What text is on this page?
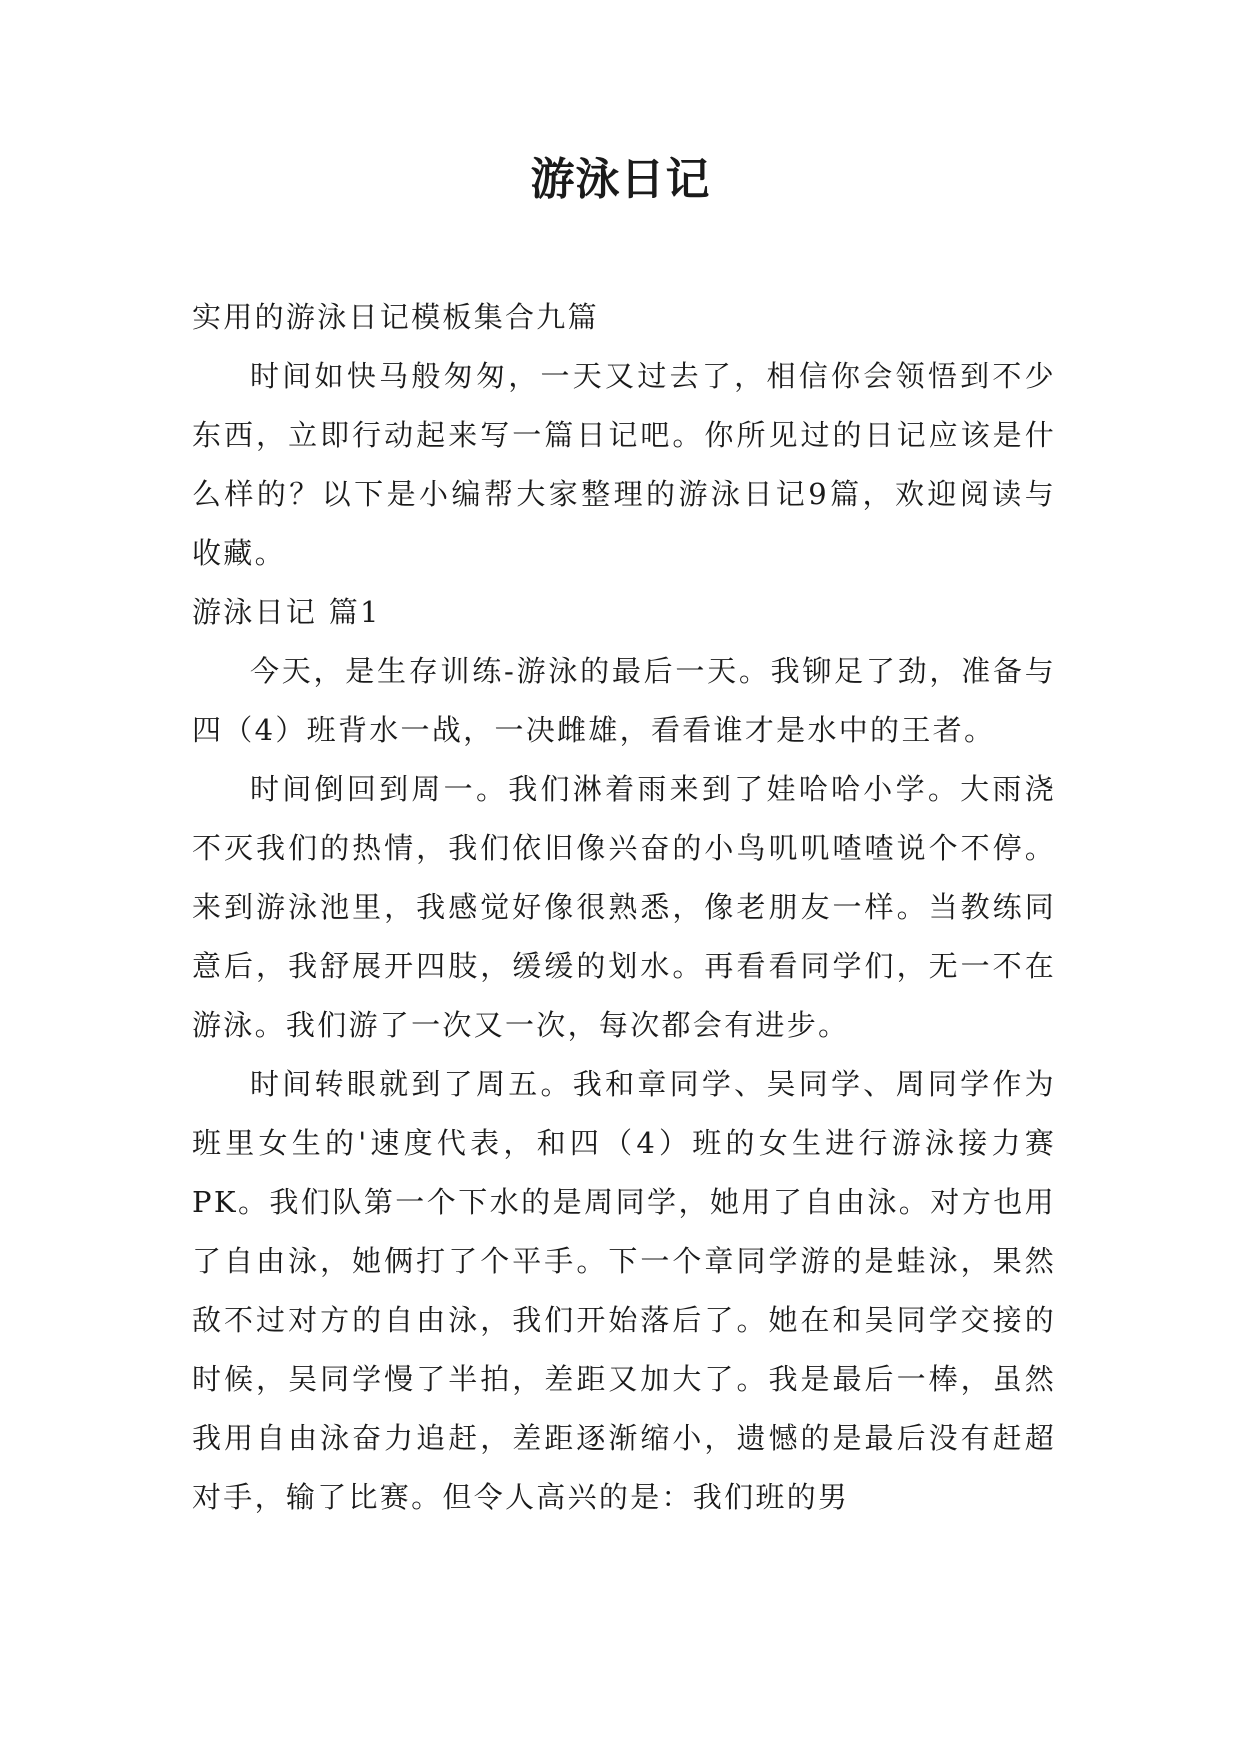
游泳日记

实用的游泳日记模板集合九篇

时间如快马般匆匆，一天又过去了，相信你会领悟到不少东西，立即行动起来写一篇日记吧。你所见过的日记应该是什么样的？以下是小编帮大家整理的游泳日记9篇，欢迎阅读与收藏。

游泳日记 篇1

今天，是生存训练-游泳的最后一天。我铆足了劲，准备与四（4）班背水一战，一决雌雄，看看谁才是水中的王者。

时间倒回到周一。我们淋着雨来到了娃哈哈小学。大雨浇不灭我们的热情，我们依旧像兴奋的小鸟叽叽喳喳说个不停。来到游泳池里，我感觉好像很熟悉，像老朋友一样。当教练同意后，我舒展开四肢，缓缓的划水。再看看同学们，无一不在游泳。我们游了一次又一次，每次都会有进步。

时间转眼就到了周五。我和章同学、吴同学、周同学作为班里女生的'速度代表，和四（4）班的女生进行游泳接力赛PK。我们队第一个下水的是周同学，她用了自由泳。对方也用了自由泳，她俩打了个平手。下一个章同学游的是蛙泳，果然敌不过对方的自由泳，我们开始落后了。她在和吴同学交接的时候，吴同学慢了半拍，差距又加大了。我是最后一棒，虽然我用自由泳奋力追赶，差距逐渐缩小，遗憾的是最后没有赶超对手，输了比赛。但令人高兴的是：我们班的男
